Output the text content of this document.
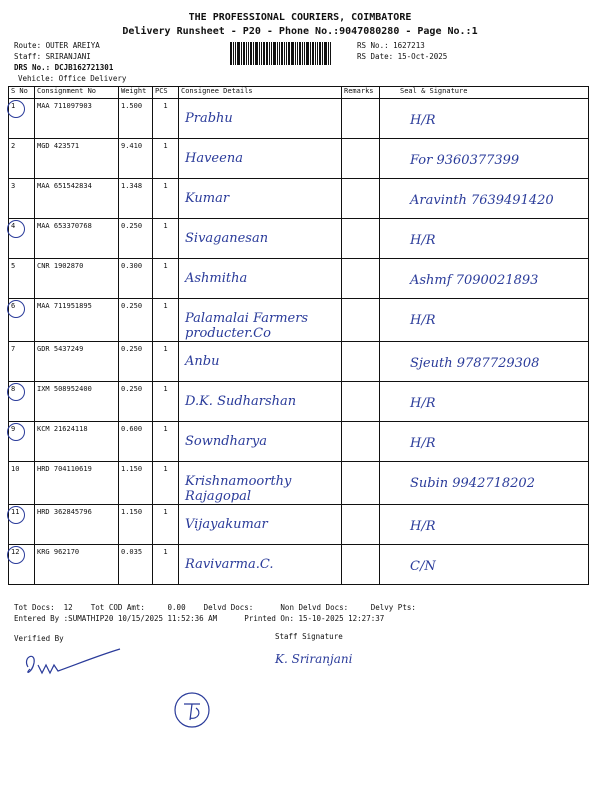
THE PROFESSIONAL COURIERS, COIMBATORE
Delivery Runsheet - P20 - Phone No.:9047080280 - Page No.:1
Route: OUTER AREIYA
Staff: SRIRANJANI
DRS No.: DCJB162721301
Vehicle: Office Delivery
RS No.: 1627213
RS Date: 15-Oct-2025
S No	Consignment No	Weight	PCS	Consignee Details	Remarks	Seal & Signature
1	MAA 711097903	1.500	1	Prabhu		H/R

2	MGD 423571	9.410	1	Haveena		For 9360377399

3	MAA 651542834	1.348	1	Kumar		Aravinth 7639491420

4	MAA 653370768	0.250	1	Sivaganesan		H/R

5	CNR 1902870	0.300	1	Ashmitha		Ashmf 7090021893

6	MAA 711951895	0.250	1	Palamalai Farmers producter.Co		H/R

7	GDR 5437249	0.250	1	Anbu		Sjeuth 9787729308

8	IXM 508952400	0.250	1	D.K. Sudharshan		H/R

9	KCM 21624118	0.600	1	Sowndharya		H/R

10	HRD 704110619	1.150	1	Krishnamoorthy Rajagopal		Subin 9942718202

11	HRD 362845796	1.150	1	Vijayakumar		H/R

12	KRG 962170	0.035	1	Ravivarma.C.		C/N
Tot Docs:  12    Tot COD Amt:     0.00    Delvd Docs:      Non Delvd Docs:     Delvy Pts:
Entered By :SUMATHIP20 10/15/2025 11:52:36 AM      Printed On: 15-10-2025 12:27:37
Verified By	Staff Signature
K. Sriranjani
